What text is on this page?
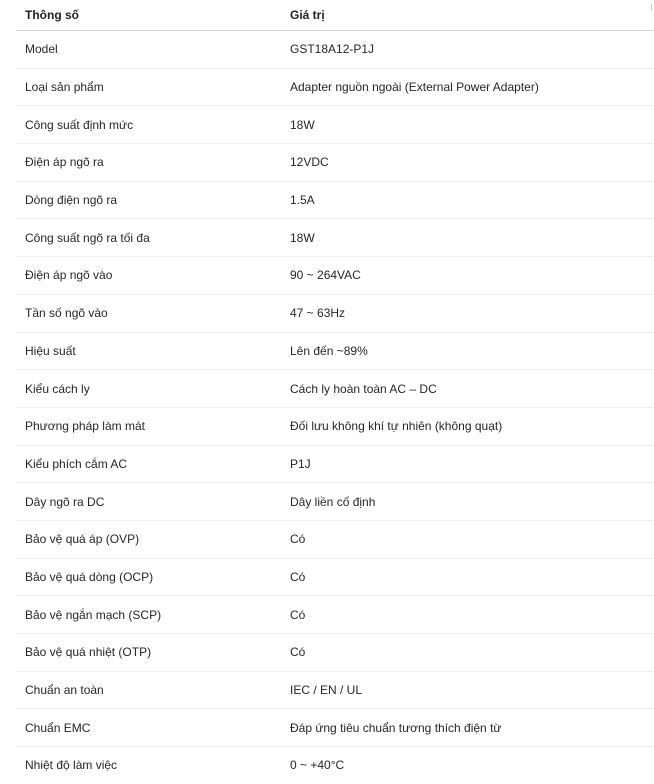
Thông số	Giá trị
Model	GST18A12-P1J
Loại sản phẩm	Adapter nguồn ngoài (External Power Adapter)
Công suất định mức	18W
Điện áp ngõ ra	12VDC
Dòng điện ngõ ra	1.5A
Công suất ngõ ra tối đa	18W
Điện áp ngõ vào	90 ~ 264VAC
Tần số ngõ vào	47 ~ 63Hz
Hiệu suất	Lên đến ~89%
Kiểu cách ly	Cách ly hoàn toàn AC – DC
Phương pháp làm mát	Đối lưu không khí tự nhiên (không quạt)
Kiểu phích cắm AC	P1J
Dây ngõ ra DC	Dây liền cố định
Bảo vệ quá áp (OVP)	Có
Bảo vệ quá dòng (OCP)	Có
Bảo vệ ngắn mạch (SCP)	Có
Bảo vệ quá nhiệt (OTP)	Có
Chuẩn an toàn	IEC / EN / UL
Chuẩn EMC	Đáp ứng tiêu chuẩn tương thích điện từ
Nhiệt độ làm việc	0 ~ +40°C
